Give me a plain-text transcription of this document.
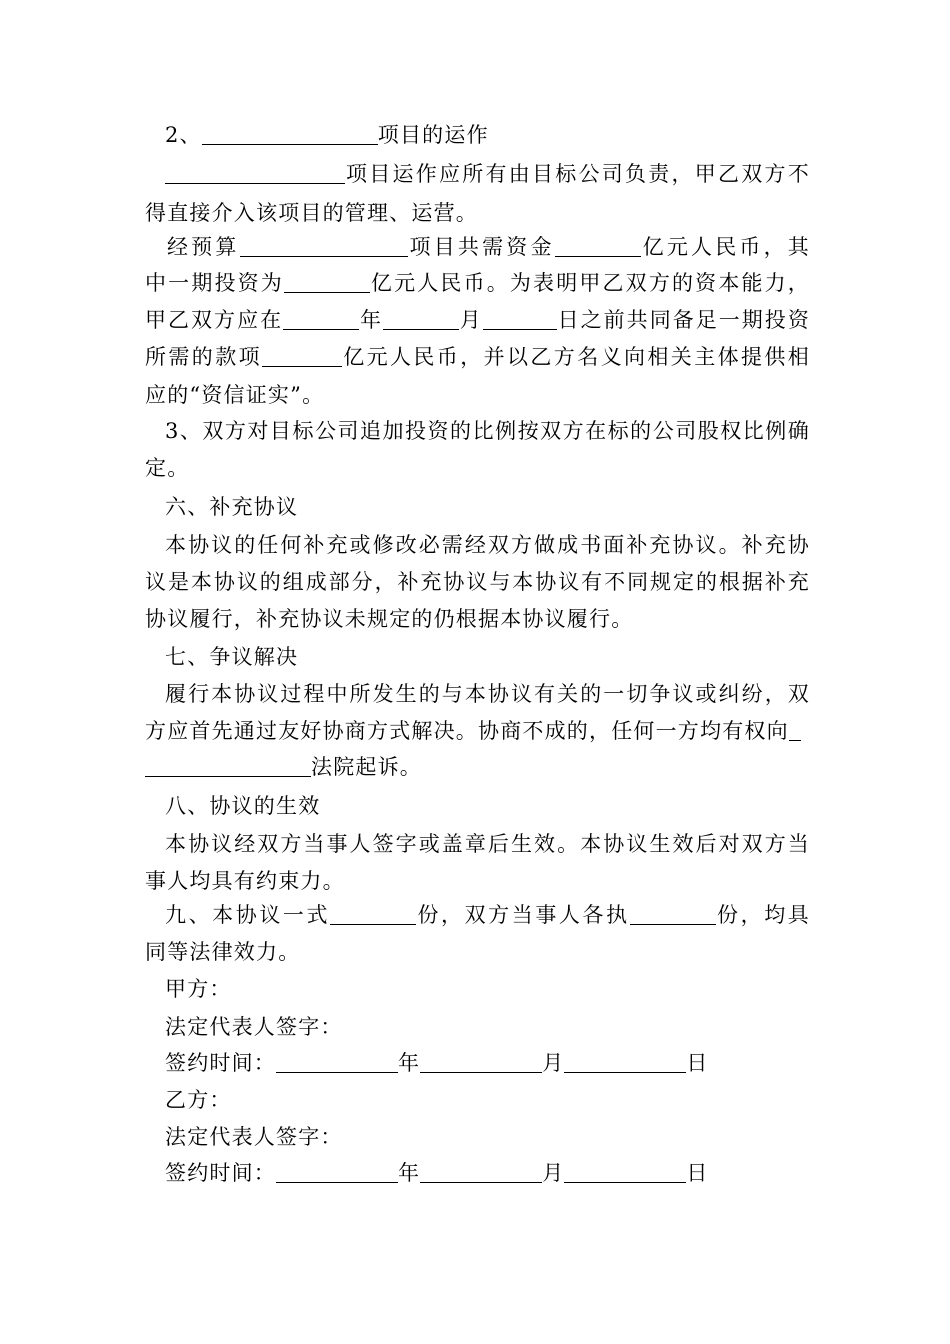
2、	项目的运作
项目运作应所有由目标公司负责，甲乙双方不
得直接介入该项目的管理、运营。
经预算	项目共需资金	亿元人民币，其
中一期投资为	亿元人民币。为表明甲乙双方的资本能力，
甲乙双方应在	年	月	日之前共同备足一期投资
所需的款项	亿元人民币，并以乙方名义向相关主体提供相
应的“资信证实”。
3、双方对目标公司追加投资的比例按双方在标的公司股权比例确
定。
六、补充协议
本协议的任何补充或修改必需经双方做成书面补充协议。补充协
议是本协议的组成部分，补充协议与本协议有不同规定的根据补充
协议履行，补充协议未规定的仍根据本协议履行。
七、争议解决
履行本协议过程中所发生的与本协议有关的一切争议或纠纷，双
方应首先通过友好协商方式解决。协商不成的，任何一方均有权向
法院起诉。
八、协议的生效
本协议经双方当事人签字或盖章后生效。本协议生效后对双方当
事人均具有约束力。
九、本协议一式	份，双方当事人各执	份，均具
同等法律效力。
甲方：
法定代表人签字：
签约时间：	年	月	日
乙方：
法定代表人签字：
签约时间：	年	月	日
